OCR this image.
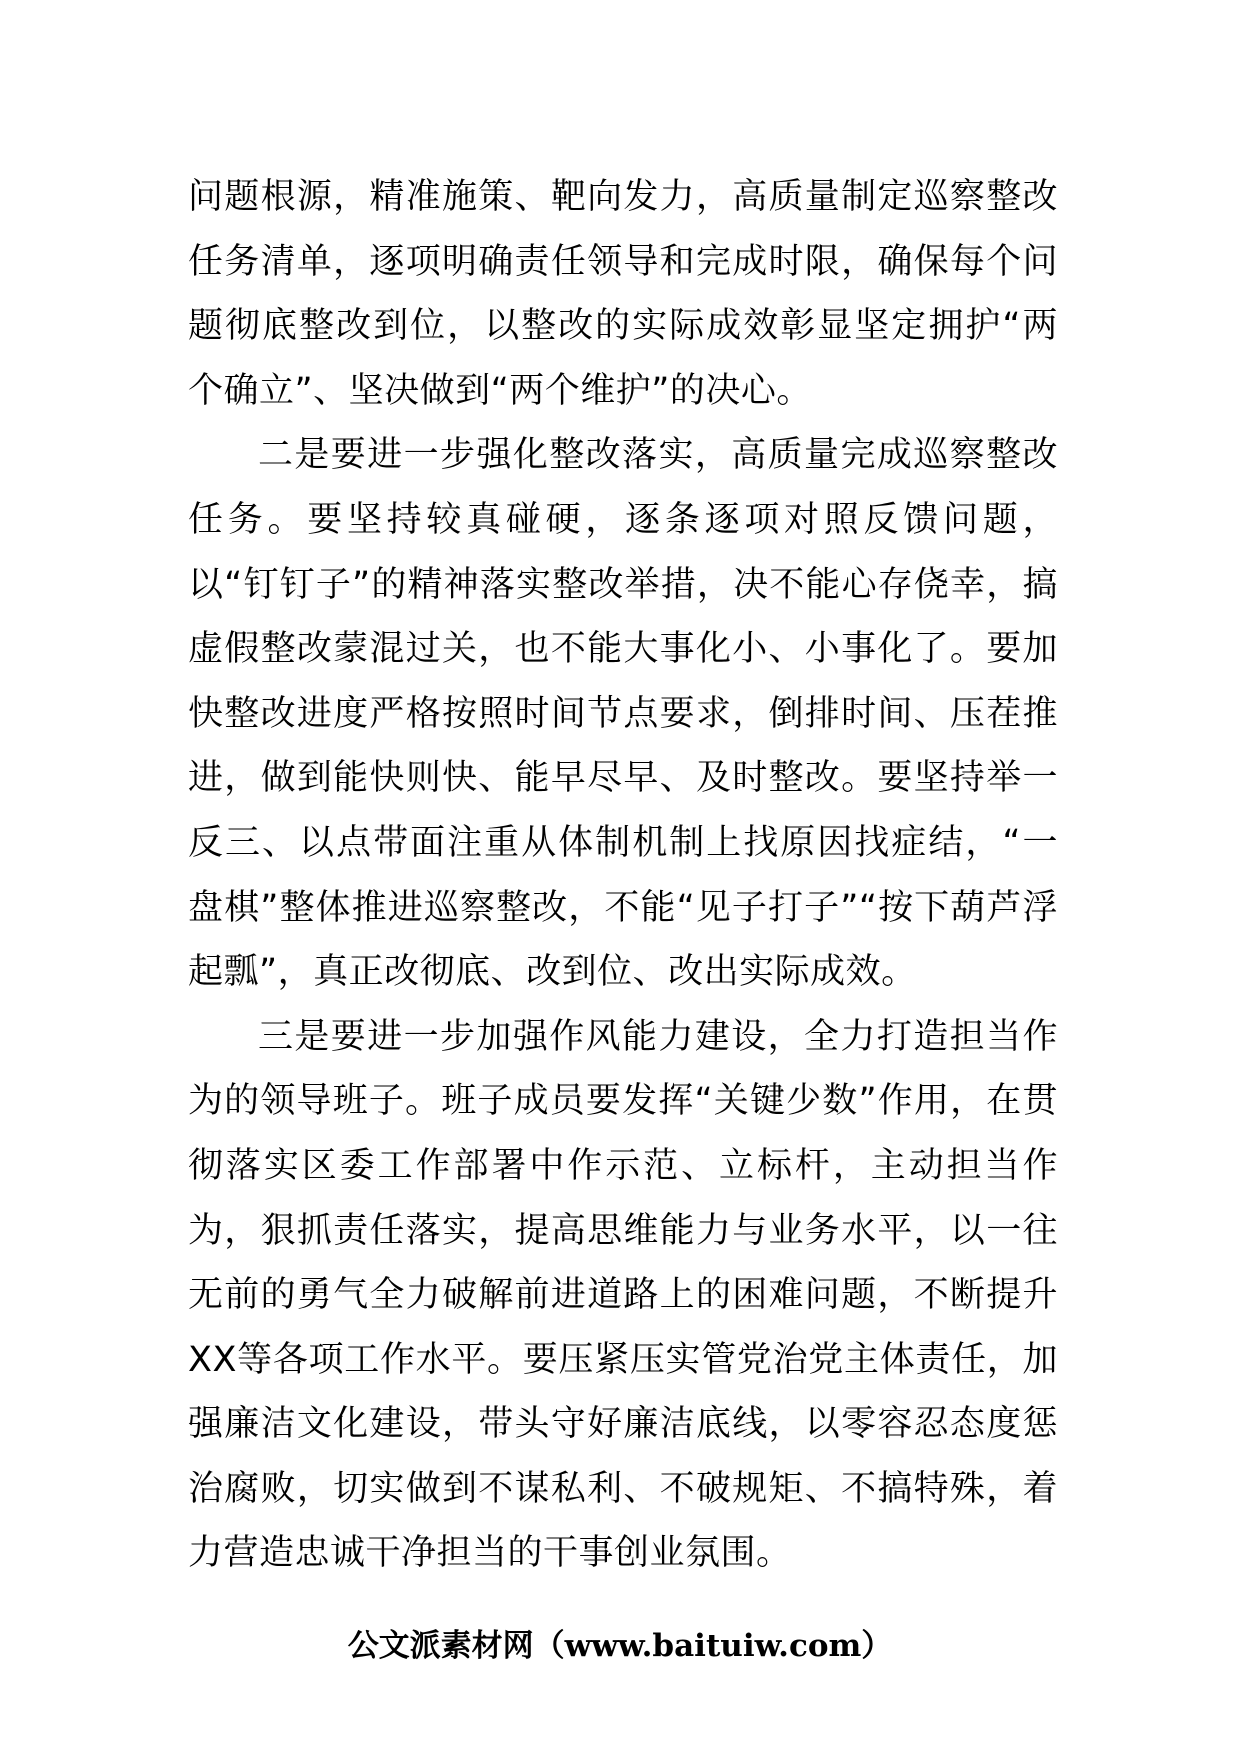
问题根源，精准施策、靶向发力，高质量制定巡察整改任务清单，逐项明确责任领导和完成时限，确保每个问题彻底整改到位，以整改的实际成效彰显坚定拥护“两个确立”、坚决做到“两个维护”的决心。

二是要进一步强化整改落实，高质量完成巡察整改任务。要坚持较真碰硬，逐条逐项对照反馈问题，以“钉钉子”的精神落实整改举措，决不能心存侥幸，搞虚假整改蒙混过关，也不能大事化小、小事化了。要加快整改进度严格按照时间节点要求，倒排时间、压茬推进，做到能快则快、能早尽早、及时整改。要坚持举一反三、以点带面注重从体制机制上找原因找症结，“一盘棋”整体推进巡察整改，不能“见子打子”“按下葫芦浮起瓢”，真正改彻底、改到位、改出实际成效。

三是要进一步加强作风能力建设，全力打造担当作为的领导班子。班子成员要发挥“关键少数”作用，在贯彻落实区委工作部署中作示范、立标杆，主动担当作为，狠抓责任落实，提高思维能力与业务水平，以一往无前的勇气全力破解前进道路上的困难问题，不断提升XX等各项工作水平。要压紧压实管党治党主体责任，加强廉洁文化建设，带头守好廉洁底线，以零容忍态度惩治腐败，切实做到不谋私利、不破规矩、不搞特殊，着力营造忠诚干净担当的干事创业氛围。

公文派素材网（www.baituiw.com）
